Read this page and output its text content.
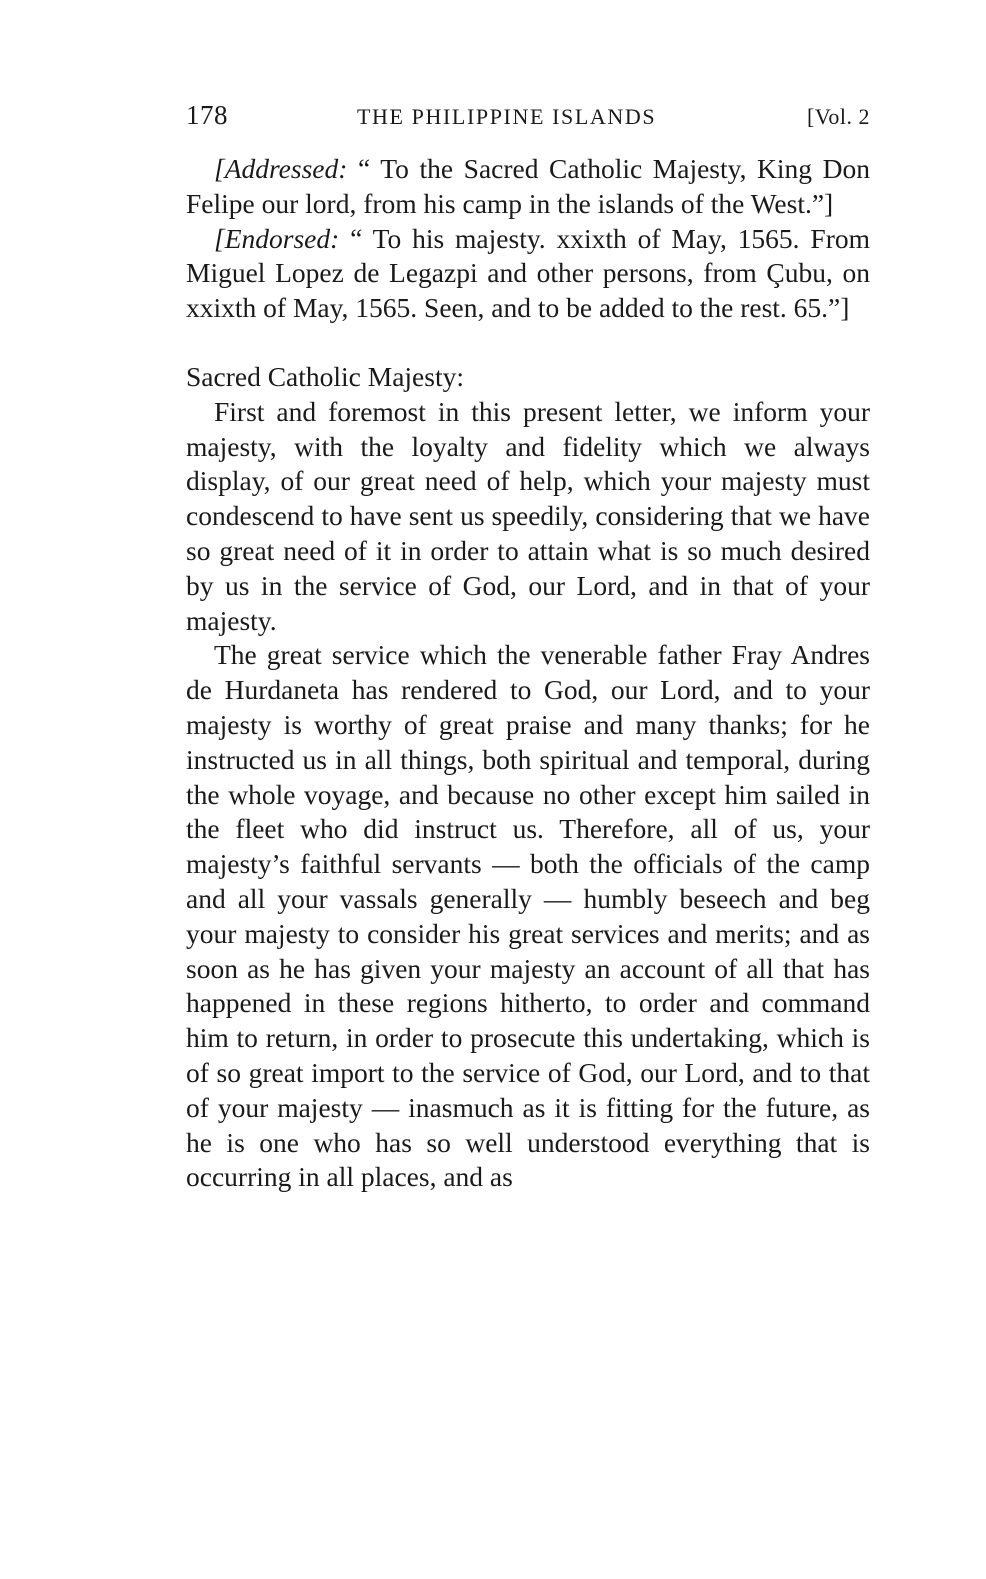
178	THE PHILIPPINE ISLANDS	[Vol. 2

[Addressed: “ To the Sacred Catholic Majesty, King Don Felipe our lord, from his camp in the islands of the West.”]

[Endorsed: “ To his majesty. xxixth of May, 1565. From Miguel Lopez de Legazpi and other persons, from Çubu, on xxixth of May, 1565. Seen, and to be added to the rest. 65.”]

Sacred Catholic Majesty:

First and foremost in this present letter, we inform your majesty, with the loyalty and fidelity which we always display, of our great need of help, which your majesty must condescend to have sent us speedily, considering that we have so great need of it in order to attain what is so much desired by us in the service of God, our Lord, and in that of your majesty.

The great service which the venerable father Fray Andres de Hurdaneta has rendered to God, our Lord, and to your majesty is worthy of great praise and many thanks; for he instructed us in all things, both spiritual and temporal, during the whole voyage, and because no other except him sailed in the fleet who did instruct us. Therefore, all of us, your majesty’s faithful servants — both the officials of the camp and all your vassals generally — humbly beseech and beg your majesty to consider his great services and merits; and as soon as he has given your majesty an account of all that has happened in these regions hitherto, to order and command him to return, in order to prosecute this undertaking, which is of so great import to the service of God, our Lord, and to that of your majesty — inasmuch as it is fitting for the future, as he is one who has so well understood everything that is occurring in all places, and as
